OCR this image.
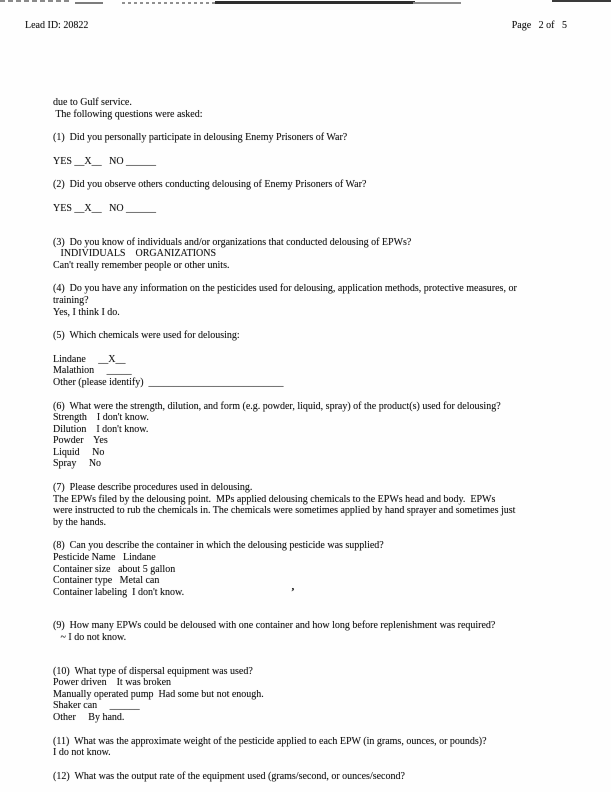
Lead ID: 20822	Page   2 of   5
due to Gulf service.
The following questions were asked:
(1)  Did you personally participate in delousing Enemy Prisoners of War?
YES __X__   NO ______
(2)  Did you observe others conducting delousing of Enemy Prisoners of War?
YES __X__   NO ______
(3)  Do you know of individuals and/or organizations that conducted delousing of EPWs?
INDIVIDUALS    ORGANIZATIONS
Can't really remember people or other units.
(4)  Do you have any information on the pesticides used for delousing, application methods, protective measures, or
training?
Yes, I think I do.
(5)  Which chemicals were used for delousing:
Lindane     __X__
Malathion     _____
Other (please identify)  ___________________________
(6)  What were the strength, dilution, and form (e.g. powder, liquid, spray) of the product(s) used for delousing?
Strength    I don't know.
Dilution    I don't know.
Powder    Yes
Liquid     No
Spray     No
(7)  Please describe procedures used in delousing.
The EPWs filed by the delousing point.  MPs applied delousing chemicals to the EPWs head and body.  EPWs
were instructed to rub the chemicals in. The chemicals were sometimes applied by hand sprayer and sometimes just
by the hands.
(8)  Can you describe the container in which the delousing pesticide was supplied?
Pesticide Name   Lindane
Container size   about 5 gallon
Container type   Metal can
Container labeling  I don't know.
(9)  How many EPWs could be deloused with one container and how long before replenishment was required?
~ I do not know.
(10)  What type of dispersal equipment was used?
Power driven    It was broken
Manually operated pump  Had some but not enough.
Shaker can     ______
Other     By hand.
(11)  What was the approximate weight of the pesticide applied to each EPW (in grams, ounces, or pounds)?
I do not know.
(12)  What was the output rate of the equipment used (grams/second, or ounces/second?
’
